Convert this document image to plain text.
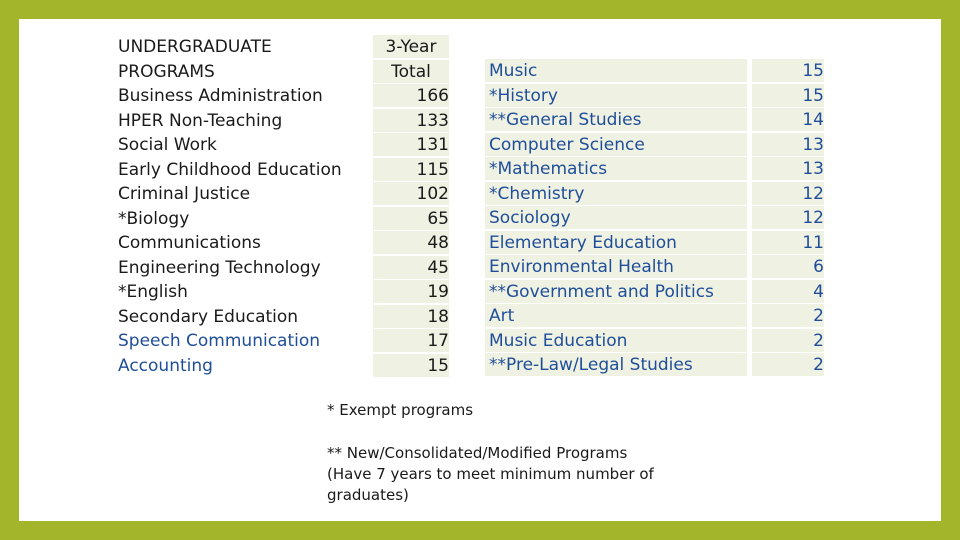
UNDERGRADUATE	3-Year
PROGRAMS	Total
Business Administration	166
HPER Non-Teaching	133
Social Work	131
Early Childhood Education	115
Criminal Justice	102
*Biology	65
Communications	48
Engineering Technology	45
*English	19
Secondary Education	18
Speech Communication	17
Accounting	15
Music	15
*History	15
**General Studies	14
Computer Science	13
*Mathematics	13
*Chemistry	12
Sociology	12
Elementary Education	11
Environmental Health	6
**Government and Politics	4
Art	2
Music Education	2
**Pre-Law/Legal Studies	2
* Exempt programs
** New/Consolidated/Modified Programs
(Have 7 years to meet minimum number of
graduates)
